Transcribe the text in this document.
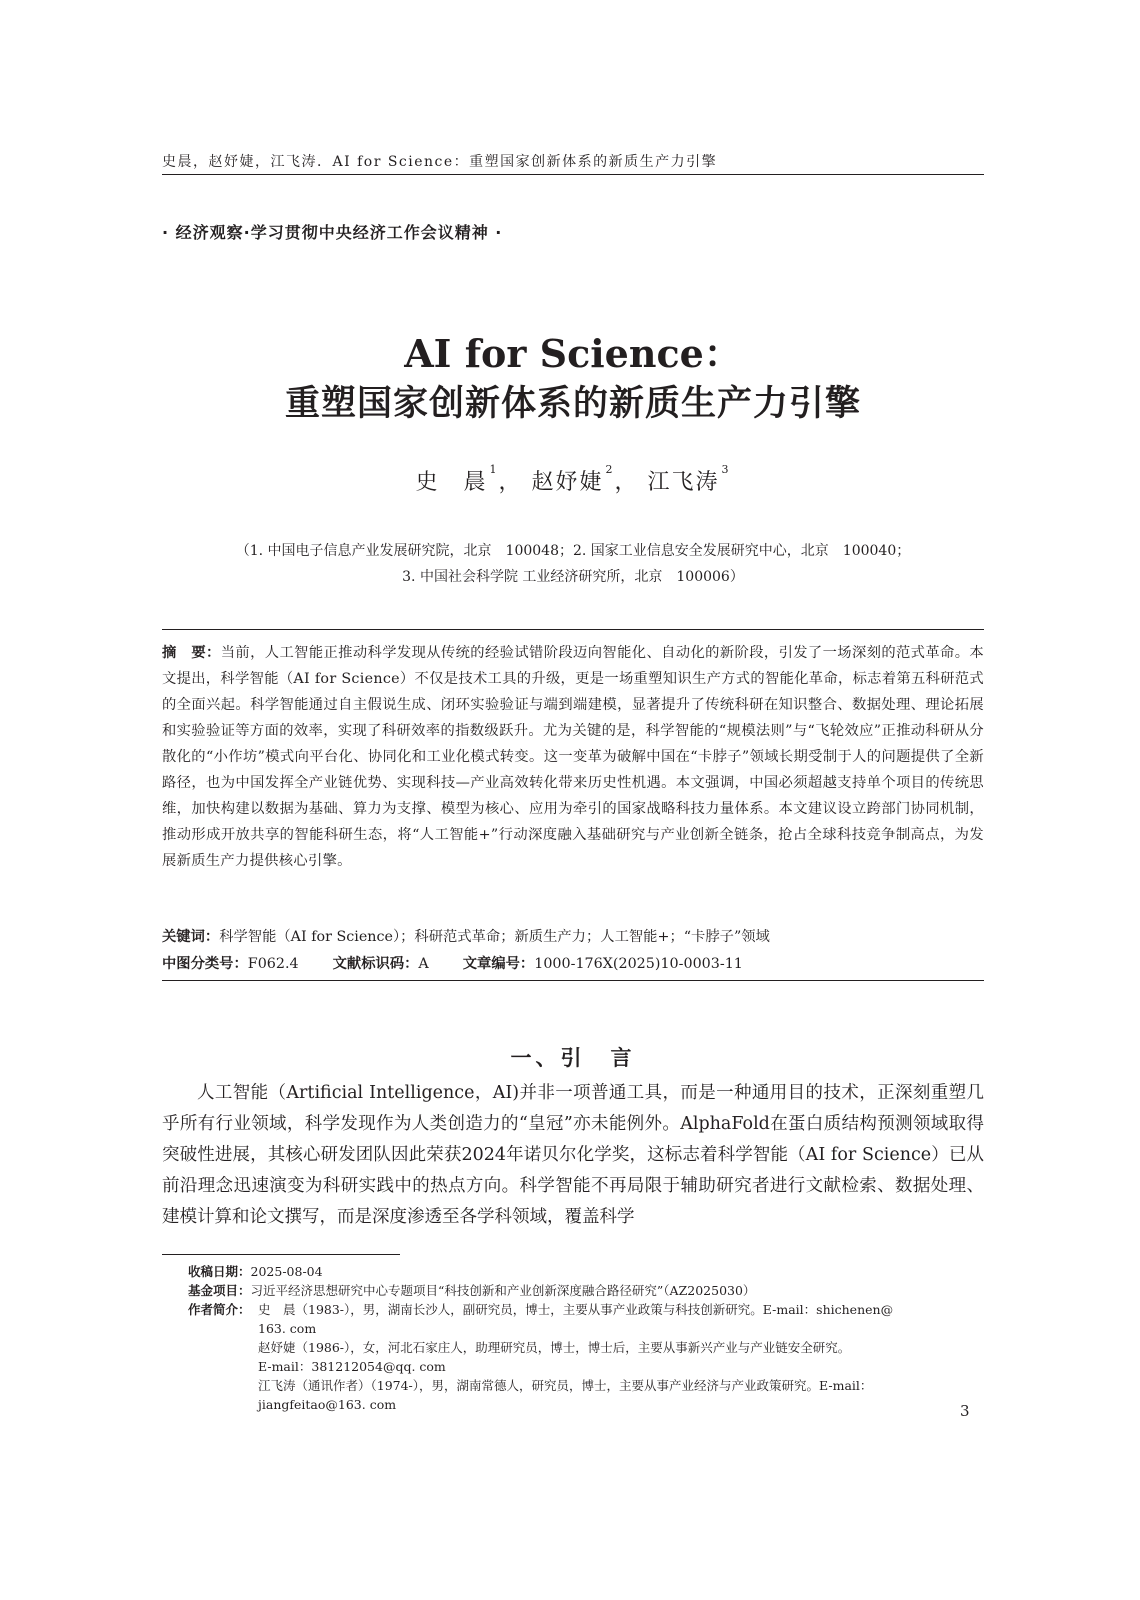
史晨，赵妤婕，江飞涛．AI for Science：重塑国家创新体系的新质生产力引擎
· 经济观察·学习贯彻中央经济工作会议精神 ·
AI for Science：
重塑国家创新体系的新质生产力引擎
史　晨$^1$， 赵妤婕$^2$， 江飞涛$^3$
（1. 中国电子信息产业发展研究院，北京　100048；2. 国家工业信息安全发展研究中心，北京　100040；
3. 中国社会科学院 工业经济研究所，北京　100006）
摘　要：当前，人工智能正推动科学发现从传统的经验试错阶段迈向智能化、自动化的新阶段，引发了一场深刻的范式革命。本文提出，科学智能（AI for Science）不仅是技术工具的升级，更是一场重塑知识生产方式的智能化革命，标志着第五科研范式的全面兴起。科学智能通过自主假说生成、闭环实验验证与端到端建模，显著提升了传统科研在知识整合、数据处理、理论拓展和实验验证等方面的效率，实现了科研效率的指数级跃升。尤为关键的是，科学智能的“规模法则”与“飞轮效应”正推动科研从分散化的“小作坊”模式向平台化、协同化和工业化模式转变。这一变革为破解中国在“卡脖子”领域长期受制于人的问题提供了全新路径，也为中国发挥全产业链优势、实现科技—产业高效转化带来历史性机遇。本文强调，中国必须超越支持单个项目的传统思维，加快构建以数据为基础、算力为支撑、模型为核心、应用为牵引的国家战略科技力量体系。本文建议设立跨部门协同机制，推动形成开放共享的智能科研生态，将“人工智能+”行动深度融入基础研究与产业创新全链条，抢占全球科技竞争制高点，为发展新质生产力提供核心引擎。
关键词：科学智能（AI for Science）；科研范式革命；新质生产力；人工智能+；“卡脖子”领域
中图分类号：F062.4 文献标识码：A 文章编号：1000-176X(2025)10-0003-11
一、引　言
人工智能（Artificial Intelligence，AI)并非一项普通工具，而是一种通用目的技术，正深刻重塑几乎所有行业领域，科学发现作为人类创造力的“皇冠”亦未能例外。AlphaFold在蛋白质结构预测领域取得突破性进展，其核心研发团队因此荣获2024年诺贝尔化学奖，这标志着科学智能（AI for Science）已从前沿理念迅速演变为科研实践中的热点方向。科学智能不再局限于辅助研究者进行文献检索、数据处理、建模计算和论文撰写，而是深度渗透至各学科领域，覆盖科学
收稿日期：2025-08-04
基金项目：习近平经济思想研究中心专题项目“科技创新和产业创新深度融合路径研究”（AZ2025030）
作者简介： 史　晨（1983-），男，湖南长沙人，副研究员，博士，主要从事产业政策与科技创新研究。E-mail：shichenen@
163. com
赵妤婕（1986-），女，河北石家庄人，助理研究员，博士，博士后，主要从事新兴产业与产业链安全研究。
E-mail：381212054@qq. com
江飞涛（通讯作者）（1974-），男，湖南常德人，研究员，博士，主要从事产业经济与产业政策研究。E-mail：
jiangfeitao@163. com	3
